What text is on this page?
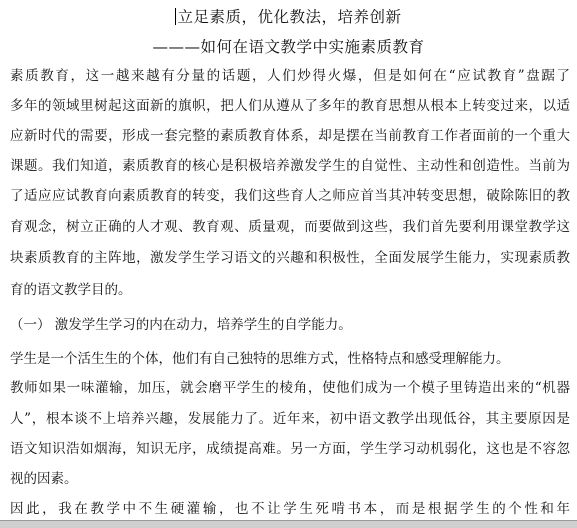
立足素质，优化教法，培养创新
———如何在语文教学中实施素质教育
素质教育，这一越来越有分量的话题，人们炒得火爆，但是如何在“应试教育”盘踞了
多年的领域里树起这面新的旗帜，把人们从遵从了多年的教育思想从根本上转变过来，以适
应新时代的需要，形成一套完整的素质教育体系，却是摆在当前教育工作者面前的一个重大
课题。我们知道，素质教育的核心是积极培养激发学生的自觉性、主动性和创造性。当前为
了适应应试教育向素质教育的转变，我们这些育人之师应首当其冲转变思想，破除陈旧的教
育观念，树立正确的人才观、教育观、质量观，而要做到这些，我们首先要利用课堂教学这
块素质教育的主阵地，激发学生学习语文的兴趣和积极性，全面发展学生能力，实现素质教
育的语文教学目的。
（一） 激发学生学习的内在动力，培养学生的自学能力。
学生是一个活生生的个体，他们有自己独特的思维方式，性格特点和感受理解能力。
教师如果一味灌输，加压，就会磨平学生的棱角，使他们成为一个模子里铸造出来的“机器
人”，根本谈不上培养兴趣，发展能力了。近年来，初中语文教学出现低谷，其主要原因是
语文知识浩如烟海，知识无序，成绩提高难。另一方面，学生学习动机弱化，这也是不容忽
视的因素。
因此，我在教学中不生硬灌输，也不让学生死啃书本，而是根据学生的个性和年
